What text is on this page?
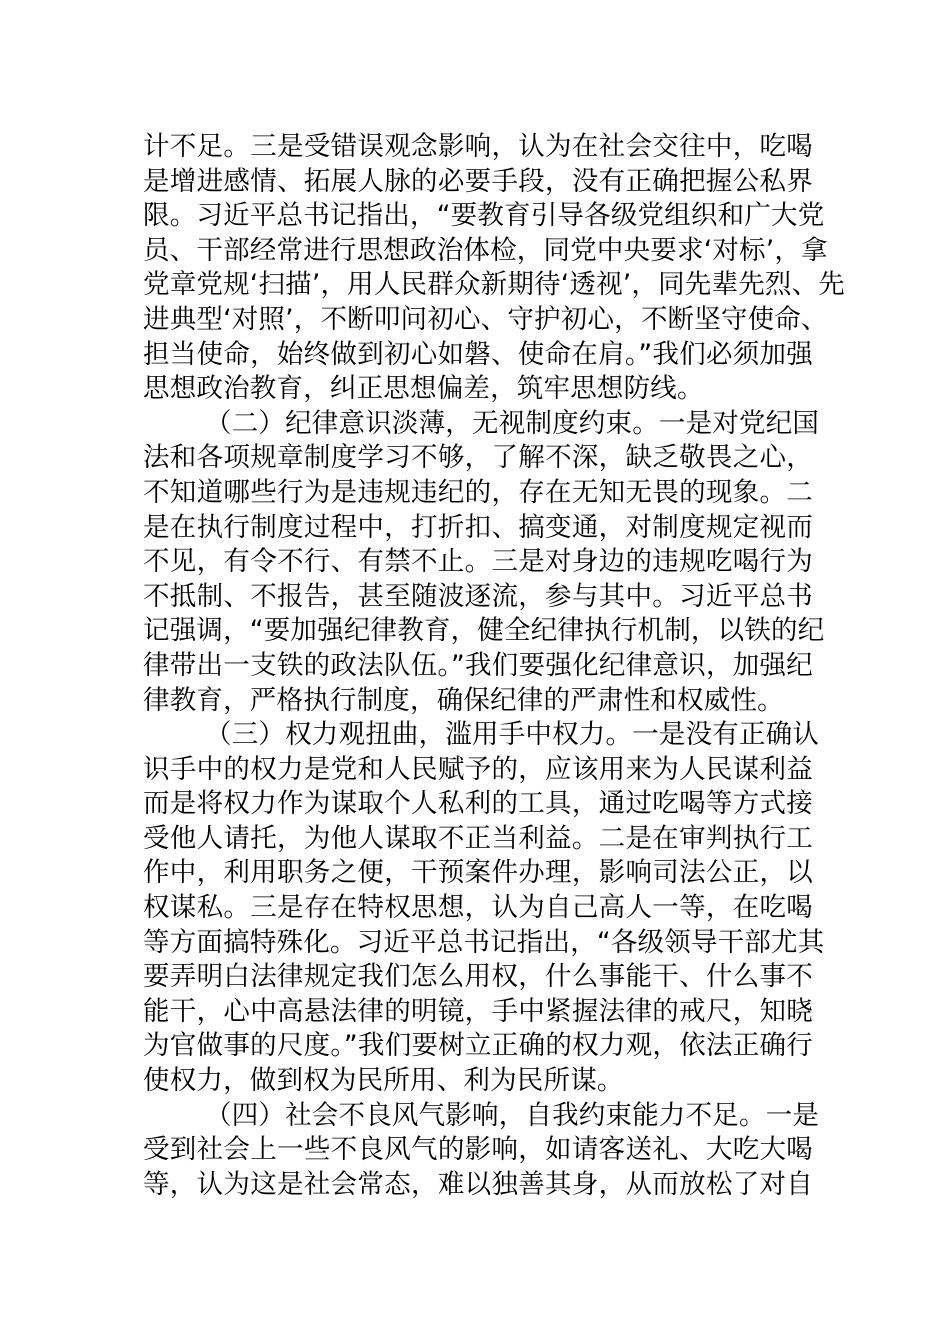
计不足。三是受错误观念影响，认为在社会交往中，吃喝
是增进感情、拓展人脉的必要手段，没有正确把握公私界
限。习近平总书记指出，“要教育引导各级党组织和广大党
员、干部经常进行思想政治体检，同党中央要求‘对标’，拿
党章党规‘扫描’，用人民群众新期待‘透视’，同先辈先烈、先
进典型‘对照’，不断叩问初心、守护初心，不断坚守使命、
担当使命，始终做到初心如磐、使命在肩。”我们必须加强
思想政治教育，纠正思想偏差，筑牢思想防线。
（二）纪律意识淡薄，无视制度约束。一是对党纪国
法和各项规章制度学习不够，了解不深，缺乏敬畏之心，
不知道哪些行为是违规违纪的，存在无知无畏的现象。二
是在执行制度过程中，打折扣、搞变通，对制度规定视而
不见，有令不行、有禁不止。三是对身边的违规吃喝行为
不抵制、不报告，甚至随波逐流，参与其中。习近平总书
记强调，“要加强纪律教育，健全纪律执行机制，以铁的纪
律带出一支铁的政法队伍。”我们要强化纪律意识，加强纪
律教育，严格执行制度，确保纪律的严肃性和权威性。
（三）权力观扭曲，滥用手中权力。一是没有正确认
识手中的权力是党和人民赋予的，应该用来为人民谋利益
而是将权力作为谋取个人私利的工具，通过吃喝等方式接
受他人请托，为他人谋取不正当利益。二是在审判执行工
作中，利用职务之便，干预案件办理，影响司法公正，以
权谋私。三是存在特权思想，认为自己高人一等，在吃喝
等方面搞特殊化。习近平总书记指出，“各级领导干部尤其
要弄明白法律规定我们怎么用权，什么事能干、什么事不
能干，心中高悬法律的明镜，手中紧握法律的戒尺，知晓
为官做事的尺度。”我们要树立正确的权力观，依法正确行
使权力，做到权为民所用、利为民所谋。
（四）社会不良风气影响，自我约束能力不足。一是
受到社会上一些不良风气的影响，如请客送礼、大吃大喝
等，认为这是社会常态，难以独善其身，从而放松了对自
